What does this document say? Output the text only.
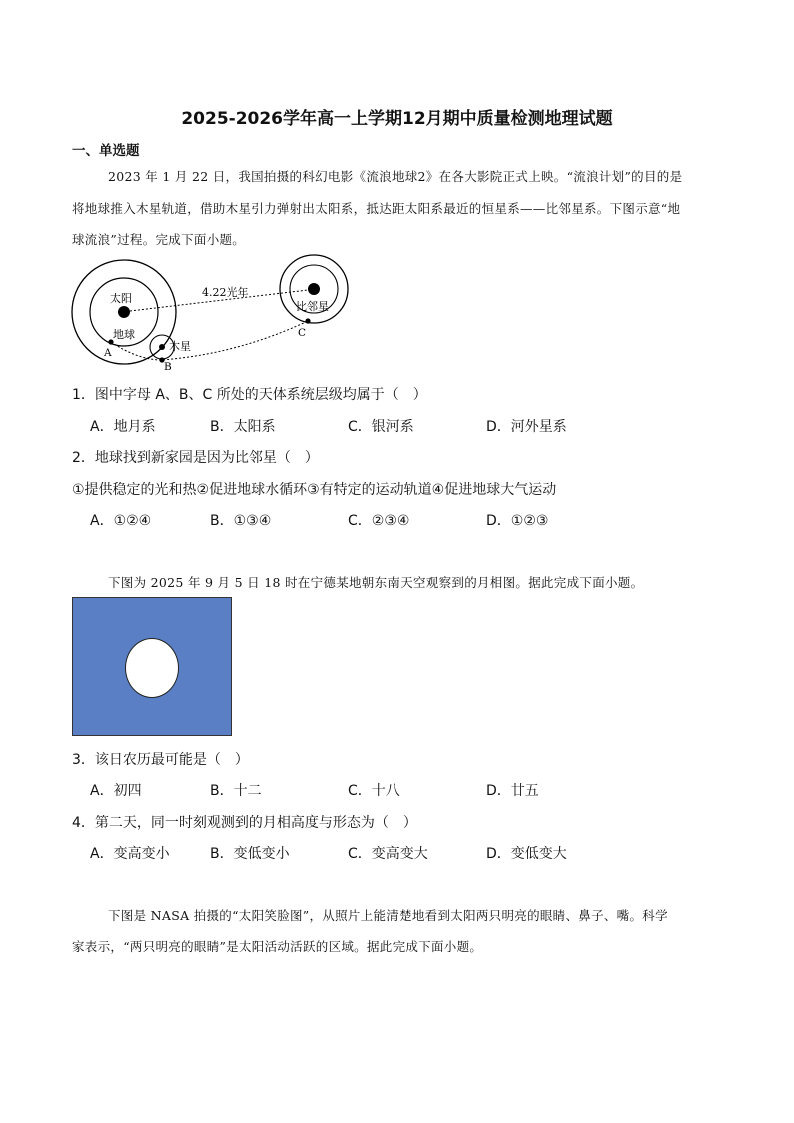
2025-2026学年高一上学期12月期中质量检测地理试题
一、单选题
2023 年 1 月 22 日，我国拍摄的科幻电影《流浪地球2》在各大影院正式上映。“流浪计划”的目的是
将地球推入木星轨道，借助木星引力弹射出太阳系，抵达距太阳系最近的恒星系——比邻星系。下图示意“地
球流浪”过程。完成下面小题。
太阳
地球
木星
比邻星
4.22光年
A
B
C
1．图中字母 A、B、C 所处的天体系统层级均属于（　）
A．地月系	B．太阳系	C．银河系	D．河外星系
2．地球找到新家园是因为比邻星（　）
①提供稳定的光和热②促进地球水循环③有特定的运动轨道④促进地球大气运动
A．①②④	B．①③④	C．②③④	D．①②③
下图为 2025 年 9 月 5 日 18 时在宁德某地朝东南天空观察到的月相图。据此完成下面小题。
3．该日农历最可能是（　）
A．初四	B．十二	C．十八	D．廿五
4．第二天，同一时刻观测到的月相高度与形态为（　）
A．变高变小	B．变低变小	C．变高变大	D．变低变大
下图是 NASA 拍摄的“太阳笑脸图”，从照片上能清楚地看到太阳两只明亮的眼睛、鼻子、嘴。科学
家表示，“两只明亮的眼睛”是太阳活动活跃的区域。据此完成下面小题。
